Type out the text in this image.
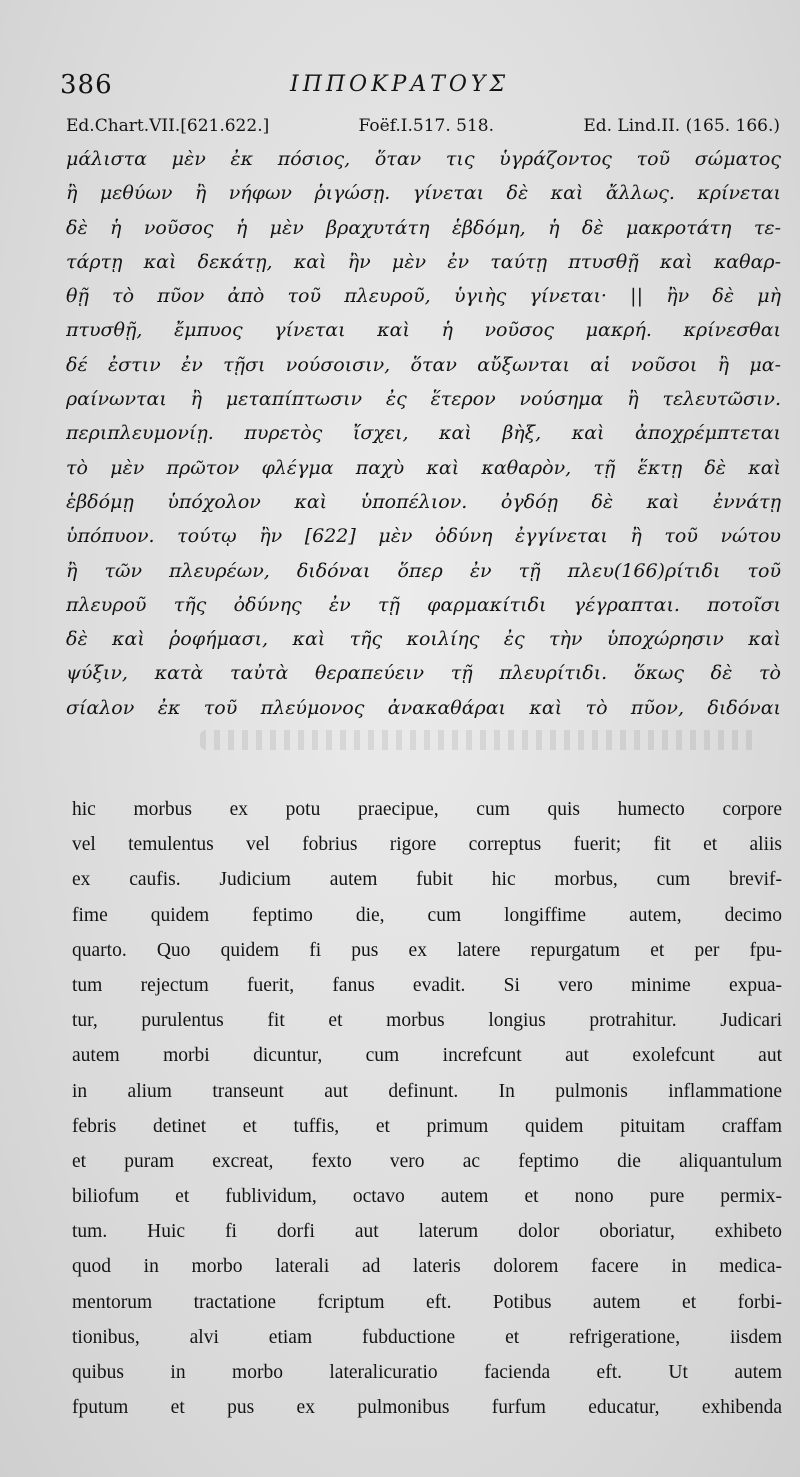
386	ΙΠΠΟΚΡΑΤΟΥΣ
Ed.Chart.VII.[621.622.]	Foëf.I.517. 518.	Ed. Lind.II. (165. 166.)
μάλιστα μὲν ἐκ πόσιος, ὅταν τις ὑγράζοντος τοῦ σώματος
ἢ μεθύων ἢ νήφων ῥιγώσῃ. γίνεται δὲ καὶ ἄλλως. κρίνεται
δὲ ἡ νοῦσος ἡ μὲν βραχυτάτη ἑβδόμη, ἡ δὲ μακροτάτη τε-
τάρτῃ καὶ δεκάτῃ, καὶ ἢν μὲν ἐν ταύτῃ πτυσθῇ καὶ καθαρ-
θῇ τὸ πῦον ἀπὸ τοῦ πλευροῦ, ὑγιὴς γίνεται· || ἢν δὲ μὴ
πτυσθῇ, ἔμπυος γίνεται καὶ ἡ νοῦσος μακρή. κρίνεσθαι
δέ ἐστιν ἐν τῇσι νούσοισιν, ὅταν αὔξωνται αἱ νοῦσοι ἢ μα-
ραίνωνται ἢ μεταπίπτωσιν ἐς ἕτερον νούσημα ἢ τελευτῶσιν.
περιπλευμονίῃ. πυρετὸς ἴσχει, καὶ βὴξ, καὶ ἀποχρέμπτεται
τὸ μὲν πρῶτον φλέγμα παχὺ καὶ καθαρὸν, τῇ ἕκτῃ δὲ καὶ
ἑβδόμῃ ὑπόχολον καὶ ὑποπέλιον. ὀγδόῃ δὲ καὶ ἐννάτῃ
ὑπόπυον. τούτῳ ἢν [622] μὲν ὀδύνη ἐγγίνεται ἢ τοῦ νώτου
ἢ τῶν πλευρέων, διδόναι ὅπερ ἐν τῇ πλευ(166)ρίτιδι τοῦ
πλευροῦ τῆς ὀδύνης ἐν τῇ φαρμακίτιδι γέγραπται. ποτοῖσι
δὲ καὶ ῥοφήμασι, καὶ τῆς κοιλίης ἐς τὴν ὑποχώρησιν καὶ
ψύξιν, κατὰ ταὐτὰ θεραπεύειν τῇ πλευρίτιδι. ὅκως δὲ τὸ
σίαλον ἐκ τοῦ πλεύμονος ἀνακαθάραι καὶ τὸ πῦον, διδόναι
hic morbus ex potu praecipue, cum quis humecto corpore
vel temulentus vel fobrius rigore correptus fuerit; fit et aliis
ex caufis. Judicium autem fubit hic morbus, cum brevif-
fime quidem feptimo die, cum longiffime autem, decimo
quarto. Quo quidem fi pus ex latere repurgatum et per fpu-
tum rejectum fuerit, fanus evadit. Si vero minime expua-
tur, purulentus fit et morbus longius protrahitur. Judicari
autem morbi dicuntur, cum increfcunt aut exolefcunt aut
in alium transeunt aut definunt. In pulmonis inflammatione
febris detinet et tuffis, et primum quidem pituitam craffam
et puram excreat, fexto vero ac feptimo die aliquantulum
biliofum et fublividum, octavo autem et nono pure permix-
tum. Huic fi dorfi aut laterum dolor oboriatur, exhibeto
quod in morbo laterali ad lateris dolorem facere in medica-
mentorum tractatione fcriptum eft. Potibus autem et forbi-
tionibus, alvi etiam fubductione et refrigeratione, iisdem
quibus in morbo lateralicuratio facienda eft. Ut autem
fputum et pus ex pulmonibus furfum educatur, exhibenda
